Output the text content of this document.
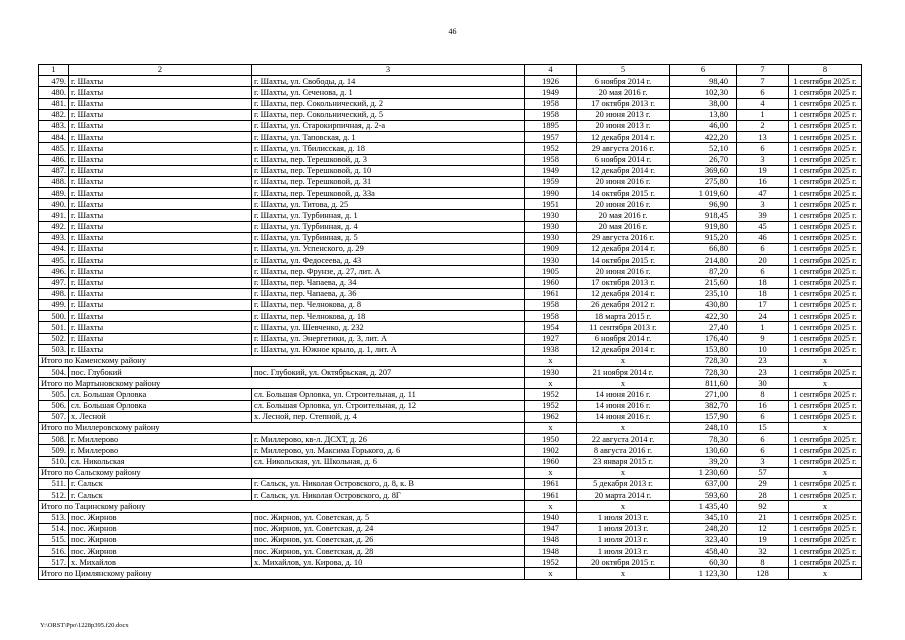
46
1	2	3	4	5	6	7	8
479.	г. Шахты	г. Шахты, ул. Свободы, д. 14	1926	6 ноября 2014 г.	98,40	7	1 сентября 2025 г.
480.	г. Шахты	г. Шахты, ул. Сеченова, д. 1	1949	20 мая 2016 г.	102,30	6	1 сентября 2025 г.
481.	г. Шахты	г. Шахты, пер. Сокольнический, д. 2	1958	17 октября 2013 г.	38,00	4	1 сентября 2025 г.
482.	г. Шахты	г. Шахты, пер. Сокольнический, д. 5	1958	20 июня 2013 г.	13,80	1	1 сентября 2025 г.
483.	г. Шахты	г. Шахты, ул. Старокирпичная, д. 2-а	1895	20 июня 2013 г.	46,00	2	1 сентября 2025 г.
484.	г. Шахты	г. Шахты, ул. Таповская, д. 1	1957	12 декабря 2014 г.	422,20	13	1 сентября 2025 г.
485.	г. Шахты	г. Шахты, ул. Тбилисская, д. 18	1952	29 августа 2016 г.	52,10	6	1 сентября 2025 г.
486.	г. Шахты	г. Шахты, пер. Терешковой, д. 3	1958	6 ноября 2014 г.	26,70	3	1 сентября 2025 г.
487.	г. Шахты	г. Шахты, пер. Терешковой, д. 10	1949	12 декабря 2014 г.	369,60	19	1 сентября 2025 г.
488.	г. Шахты	г. Шахты, пер. Терешковой, д. 31	1959	20 июня 2016 г.	275,80	16	1 сентября 2025 г.
489.	г. Шахты	г. Шахты, пер. Терешковой, д. 33а	1990	14 октября 2015 г.	1 019,60	47	1 сентября 2025 г.
490.	г. Шахты	г. Шахты, ул. Титова, д. 25	1951	20 июня 2016 г.	96,90	3	1 сентября 2025 г.
491.	г. Шахты	г. Шахты, ул. Турбинная, д. 1	1930	20 мая 2016 г.	918,45	39	1 сентября 2025 г.
492.	г. Шахты	г. Шахты, ул. Турбинная, д. 4	1930	20 мая 2016 г.	919,80	45	1 сентября 2025 г.
493.	г. Шахты	г. Шахты, ул. Турбинная, д. 5	1930	29 августа 2016 г.	915,20	46	1 сентября 2025 г.
494.	г. Шахты	г. Шахты, ул. Успенского, д. 29	1909	12 декабря 2014 г.	66,80	6	1 сентября 2025 г.
495.	г. Шахты	г. Шахты, ул. Федосеева, д. 43	1930	14 октября 2015 г.	214,80	20	1 сентября 2025 г.
496.	г. Шахты	г. Шахты, пер. Фрунзе, д. 27, лит. А	1905	20 июня 2016 г.	87,20	6	1 сентября 2025 г.
497.	г. Шахты	г. Шахты, пер. Чапаева, д. 34	1960	17 октября 2013 г.	215,60	18	1 сентября 2025 г.
498.	г. Шахты	г. Шахты, пер. Чапаева, д. 36	1961	12 декабря 2014 г.	235,10	18	1 сентября 2025 г.
499.	г. Шахты	г. Шахты, пер. Челнокова, д. 8	1958	26 декабря 2012 г.	430,80	17	1 сентября 2025 г.
500.	г. Шахты	г. Шахты, пер. Челнокова, д. 18	1958	18 марта 2015 г.	422,30	24	1 сентября 2025 г.
501.	г. Шахты	г. Шахты, ул. Шевченко, д. 232	1954	11 сентября 2013 г.	27,40	1	1 сентября 2025 г.
502.	г. Шахты	г. Шахты, ул. Энергетики, д. 3, лит. А	1927	6 ноября 2014 г.	176,40	9	1 сентября 2025 г.
503.	г. Шахты	г. Шахты, ул. Южное крыло, д. 1, лит. А	1938	12 декабря 2014 г.	153,80	10	1 сентября 2025 г.
Итого по Каменскому району			x	x	728,30	23	x
504.	пос. Глубокий	пос. Глубокий, ул. Октябрьская, д. 207	1930	21 ноября 2014 г.	728,30	23	1 сентября 2025 г.
Итого по Мартыновскому району			x	x	811,60	30	x
505.	сл. Большая Орловка	сл. Большая Орловка, ул. Строительная, д. 11	1952	14 июня 2016 г.	271,00	8	1 сентября 2025 г.
506.	сл. Большая Орловка	сл. Большая Орловка, ул. Строительная, д. 12	1952	14 июня 2016 г.	382,70	16	1 сентября 2025 г.
507.	х. Лесной	х. Лесной, пер. Степной, д. 4	1962	14 июня 2016 г.	157,90	6	1 сентября 2025 г.
Итого по Миллеровскому району			x	x	248,10	15	x
508.	г. Миллерово	г. Миллерово, кв-л. ДСХТ, д. 26	1950	22 августа 2014 г.	78,30	6	1 сентября 2025 г.
509.	г. Миллерово	г. Миллерово, ул. Максима Горького, д. 6	1902	8 августа 2016 г.	130,60	6	1 сентября 2025 г.
510.	сл. Никольская	сл. Никольская, ул. Школьная, д. 6	1960	23 января 2015 г.	39,20	3	1 сентября 2025 г.
Итого по Сальскому району			x	x	1 230,60	57	x
511.	г. Сальск	г. Сальск, ул. Николая Островского, д. 8, к. В	1961	5 декабря 2013 г.	637,00	29	1 сентября 2025 г.
512.	г. Сальск	г. Сальск, ул. Николая Островского, д. 8Г	1961	20 марта 2014 г.	593,60	28	1 сентября 2025 г.
Итого по Тацинскому району			x	x	1 435,40	92	x
513.	пос. Жирнов	пос. Жирнов, ул. Советская, д. 5	1940	1 июля 2013 г.	345,10	21	1 сентября 2025 г.
514.	пос. Жирнов	пос. Жирнов, ул. Советская, д. 24	1947	1 июля 2013 г.	248,20	12	1 сентября 2025 г.
515.	пос. Жирнов	пос. Жирнов, ул. Советская, д. 26	1948	1 июля 2013 г.	323,40	19	1 сентября 2025 г.
516.	пос. Жирнов	пос. Жирнов, ул. Советская, д. 28	1948	1 июля 2013 г.	458,40	32	1 сентября 2025 г.
517.	х. Михайлов	х. Михайлов, ул. Кирова, д. 10	1952	20 октября 2015 г.	60,30	8	1 сентября 2025 г.
Итого по Цимлянскому району			x	x	1 123,30	128	x
Y:\ORST\Ppo\1228p395.f20.docx
